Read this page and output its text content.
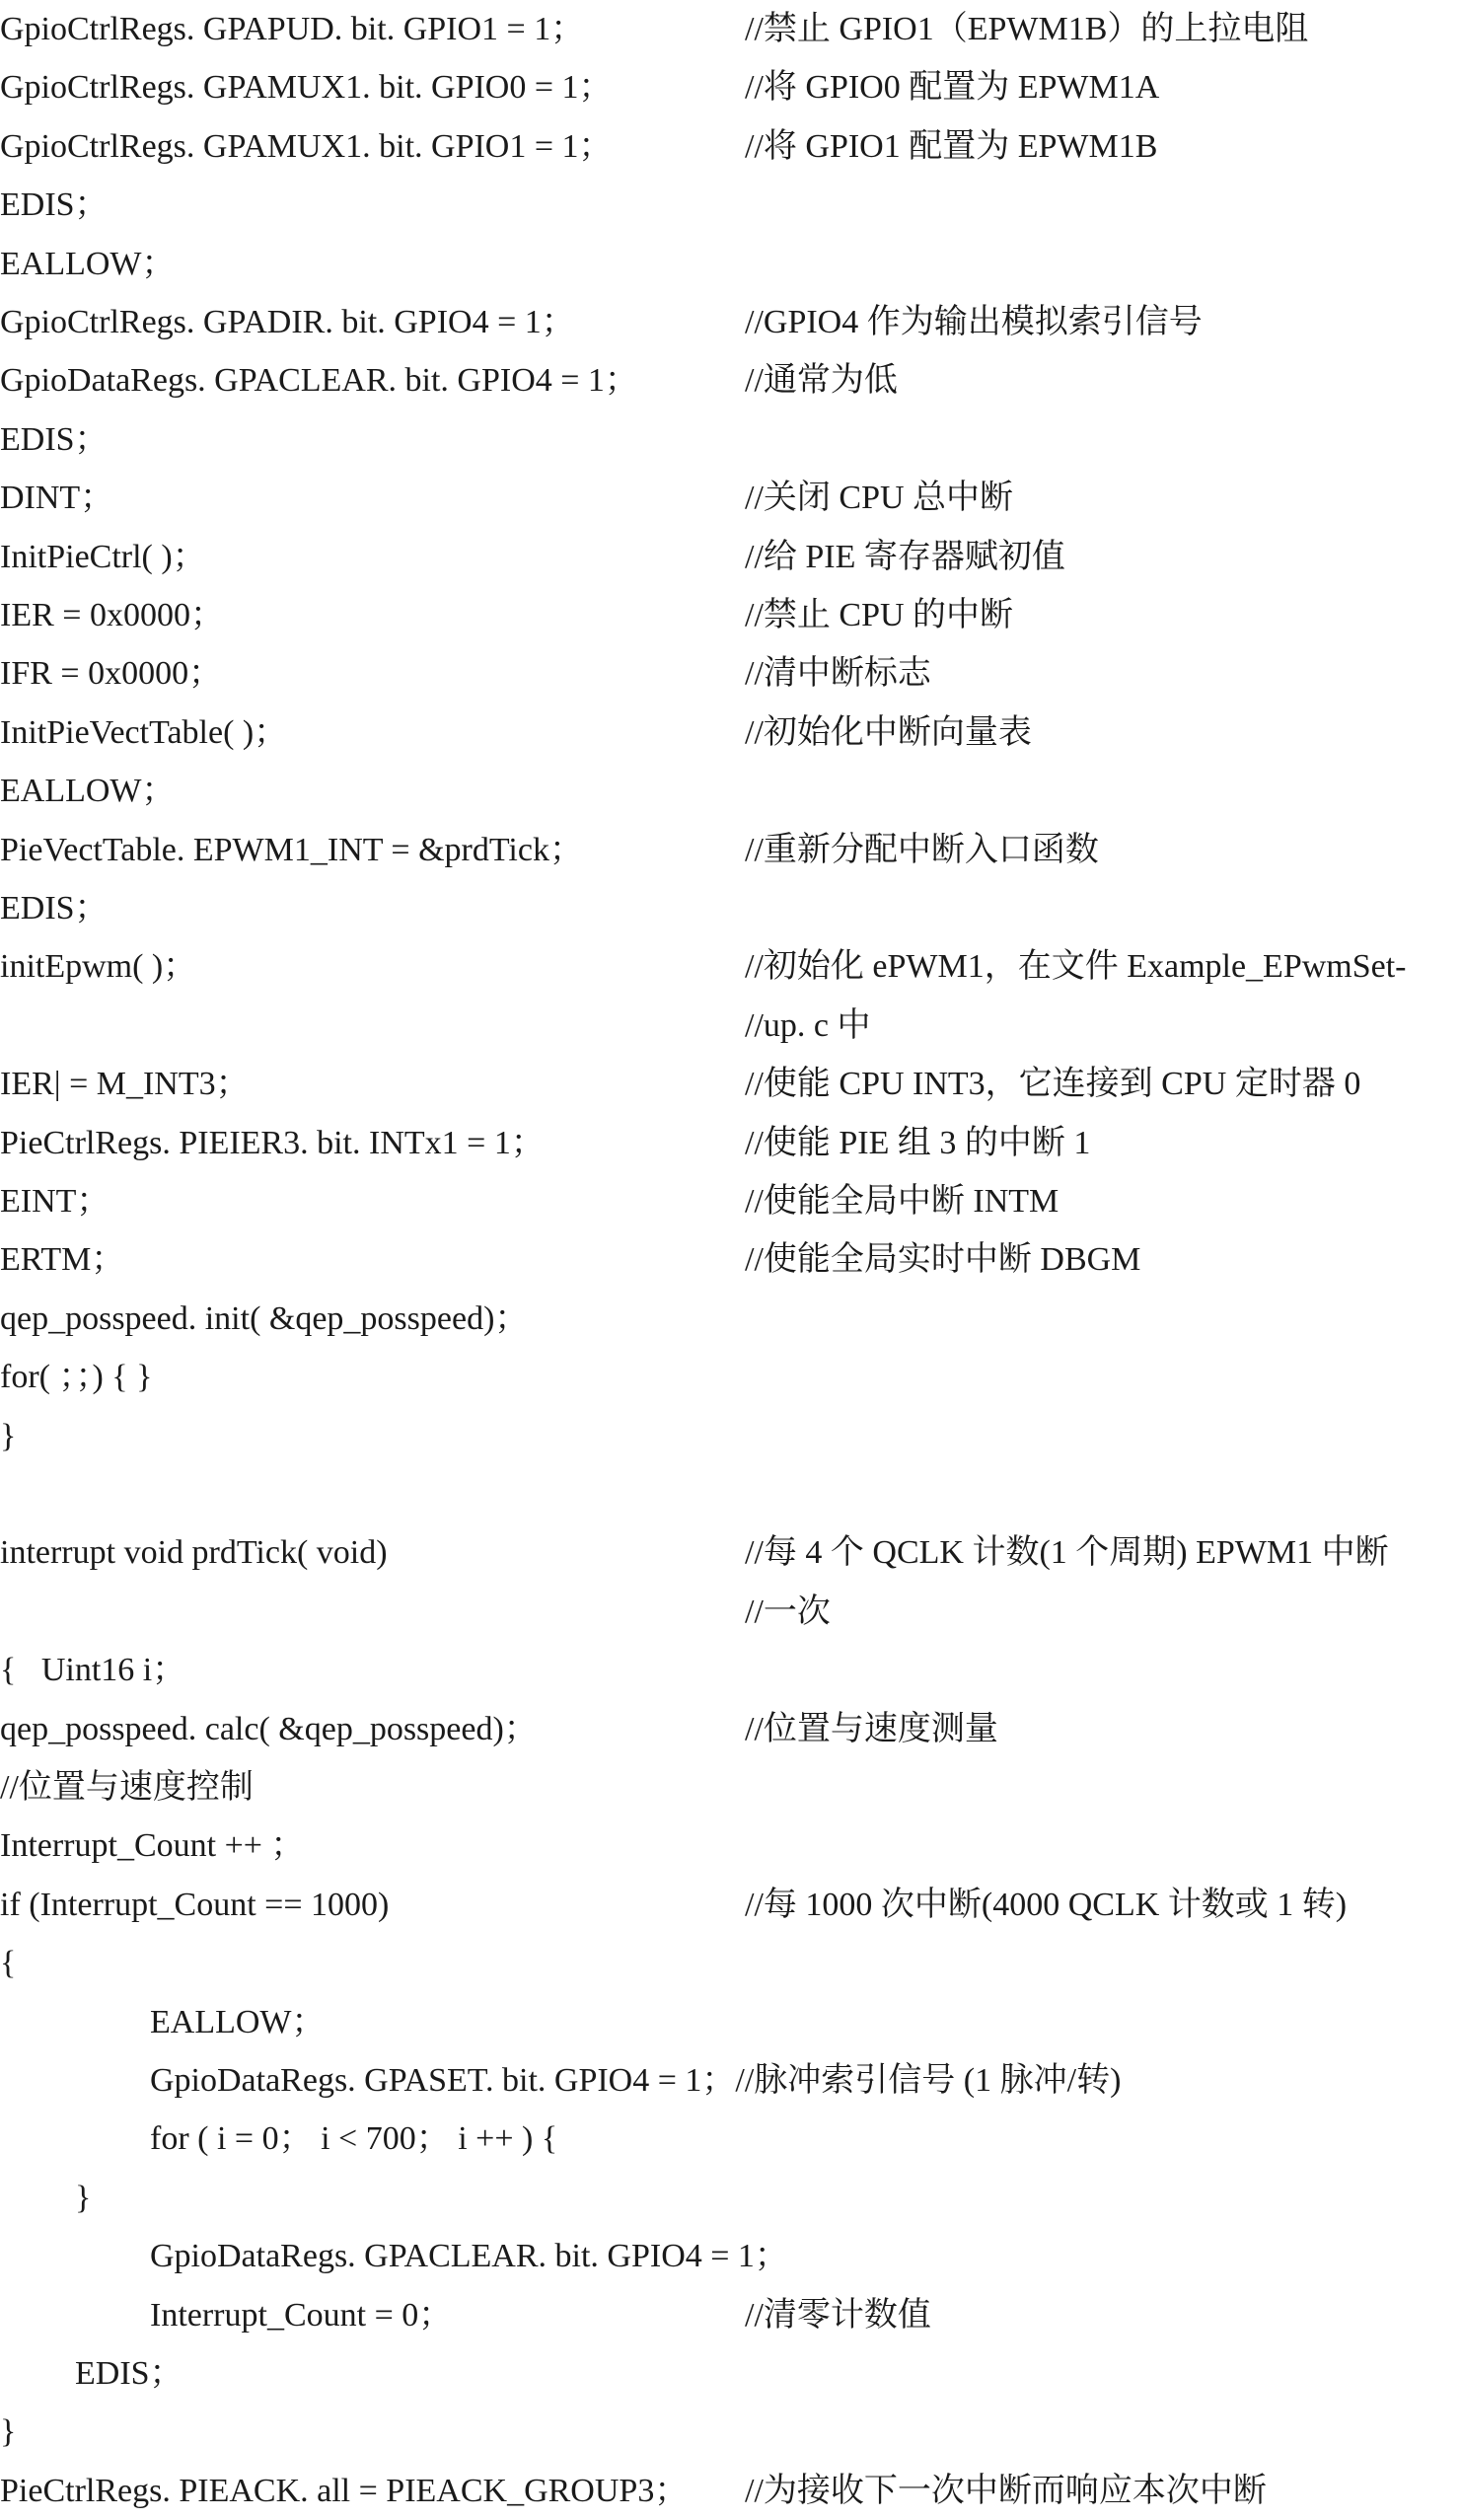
GpioCtrlRegs. GPAPUD. bit. GPIO1 = 1；	//禁止 GPIO1（EPWM1B）的上拉电阻
GpioCtrlRegs. GPAMUX1. bit. GPIO0 = 1；	//将 GPIO0 配置为 EPWM1A
GpioCtrlRegs. GPAMUX1. bit. GPIO1 = 1；	//将 GPIO1 配置为 EPWM1B
EDIS；
EALLOW；
GpioCtrlRegs. GPADIR. bit. GPIO4 = 1；	//GPIO4 作为输出模拟索引信号
GpioDataRegs. GPACLEAR. bit. GPIO4 = 1；	//通常为低
EDIS；
DINT；	//关闭 CPU 总中断
InitPieCtrl( )；	//给 PIE 寄存器赋初值
IER = 0x0000；	//禁止 CPU 的中断
IFR = 0x0000；	//清中断标志
InitPieVectTable( )；	//初始化中断向量表
EALLOW；
PieVectTable. EPWM1_INT = &prdTick；	//重新分配中断入口函数
EDIS；
initEpwm( )；	//初始化 ePWM1，在文件 Example_EPwmSet-
//up. c 中
IER| = M_INT3；	//使能 CPU INT3，它连接到 CPU 定时器 0
PieCtrlRegs. PIEIER3. bit. INTx1 = 1；	//使能 PIE 组 3 的中断 1
EINT；	//使能全局中断 INTM
ERTM；	//使能全局实时中断 DBGM
qep_posspeed. init( &qep_posspeed)；
for( ；；) { }
}
interrupt void prdTick( void)	//每 4 个 QCLK 计数(1 个周期) EPWM1 中断
//一次
{   Uint16 i；
qep_posspeed. calc( &qep_posspeed)；	//位置与速度测量
//位置与速度控制
Interrupt_Count ++ ；
if (Interrupt_Count == 1000)	//每 1000 次中断(4000 QCLK 计数或 1 转)
{
EALLOW；
GpioDataRegs. GPASET. bit. GPIO4 = 1；//脉冲索引信号 (1 脉冲/转)
for ( i = 0； i < 700； i ++ ) {
}
GpioDataRegs. GPACLEAR. bit. GPIO4 = 1；
Interrupt_Count = 0；	//清零计数值
EDIS；
}
PieCtrlRegs. PIEACK. all = PIEACK_GROUP3； //为接收下一次中断而响应本次中断
